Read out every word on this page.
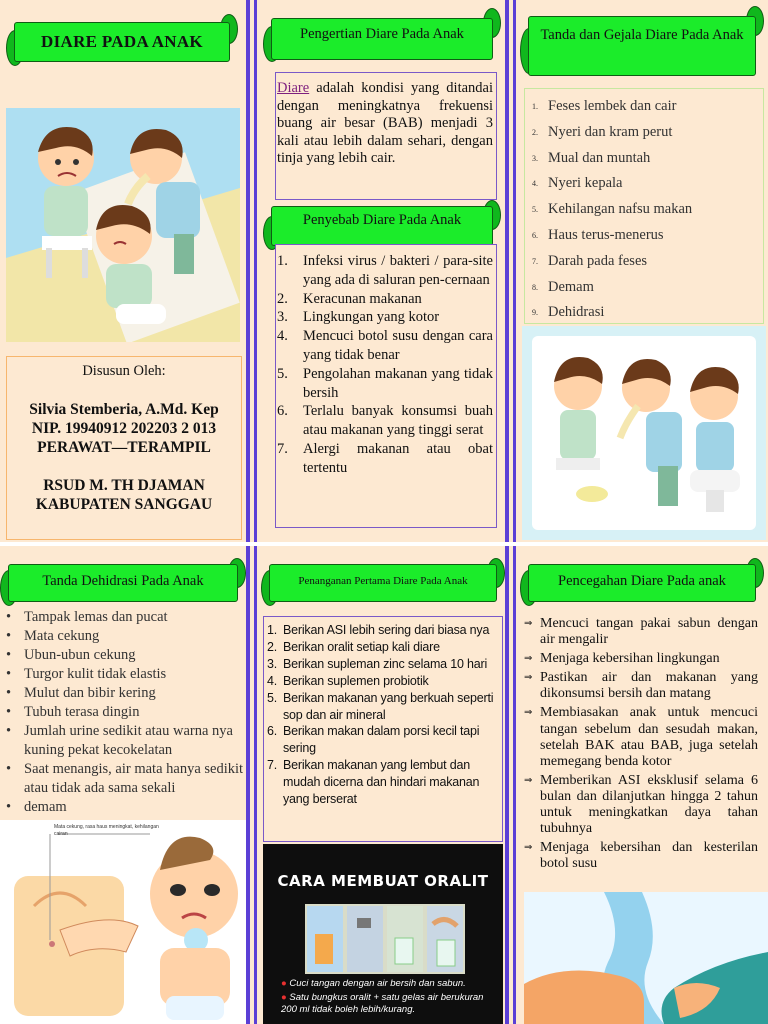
DIARE PADA ANAK
Disusun Oleh:
Silvia Stemberia, A.Md. Kep
NIP. 19940912 202203 2 013
PERAWAT—TERAMPIL
RSUD M. TH DJAMAN
KABUPATEN SANGGAU
Pengertian Diare Pada Anak
Diare adalah kondisi yang ditandai dengan meningkatnya frekuensi buang air besar (BAB) menjadi 3 kali atau lebih dalam sehari, dengan tinja yang lebih cair.
Penyebab Diare Pada Anak
1.	Infeksi virus / bakteri / para-site yang ada di saluran pen-cernaan
2.	Keracunan makanan
3.	Lingkungan yang kotor
4.	Mencuci botol susu dengan cara yang tidak benar
5.	Pengolahan makanan yang tidak bersih
6.	Terlalu banyak konsumsi buah atau makanan yang tinggi serat
7.	Alergi makanan atau obat tertentu
Tanda dan Gejala Diare Pada Anak
1. Feses lembek dan cair
2. Nyeri dan kram perut
3. Mual dan muntah
4. Nyeri kepala
5. Kehilangan nafsu makan
6. Haus terus-menerus
7. Darah pada feses
8. Demam
9. Dehidrasi
Tanda Dehidrasi Pada Anak
• Tampak lemas dan pucat
• Mata cekung
• Ubun-ubun cekung
• Turgor kulit tidak elastis
• Mulut dan bibir kering
• Tubuh terasa dingin
• Jumlah urine sedikit atau warna nya kuning pekat kecokelatan
• Saat menangis, air mata hanya sedikit atau tidak ada sama sekali
• demam
Mata cekung, rasa haus meningkat, kehilangan cairan
Penanganan Pertama Diare Pada Anak
1. Berikan ASI lebih sering dari biasa nya
2. Berikan oralit setiap kali diare
3. Berikan supleman zinc selama 10 hari
4. Berikan suplemen probiotik
5. Berikan makanan yang berkuah seperti sop dan air mineral
6. Berikan makan dalam porsi kecil tapi sering
7. Berikan makanan yang lembut dan mudah dicerna dan hindari makanan yang berserat
CARA MEMBUAT ORALIT
● Cuci tangan dengan air bersih dan sabun.
● Satu bungkus oralit + satu gelas air berukuran 200 ml tidak boleh lebih/kurang.
Pencegahan Diare Pada anak
⇒ Mencuci tangan pakai sabun dengan air mengalir
⇒ Menjaga kebersihan lingkungan
⇒ Pastikan air dan makanan yang dikonsumsi bersih dan matang
⇒ Membiasakan anak untuk mencuci tangan sebelum dan sesudah makan, setelah BAK atau BAB, juga setelah memegang benda kotor
⇒ Memberikan ASI eksklusif selama 6 bulan dan dilanjutkan hingga 2 tahun untuk meningkatkan daya tahan tubuhnya
⇒ Menjaga kebersihan dan kesterilan botol susu
